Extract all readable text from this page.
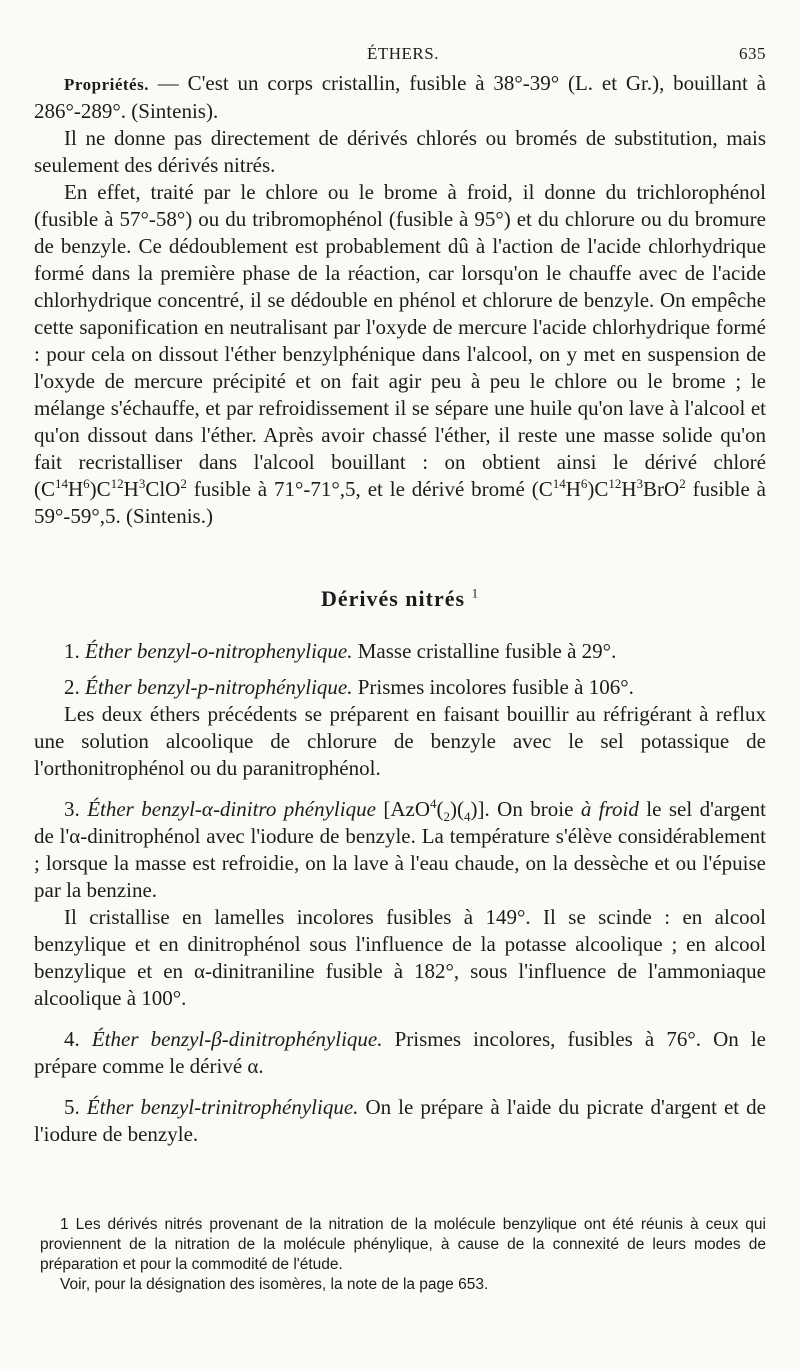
ÉTHERS.	635

Propriétés. — C'est un corps cristallin, fusible à 38°-39° (L. et Gr.), bouillant à 286°-289°. (Sintenis).

Il ne donne pas directement de dérivés chlorés ou bromés de substitution, mais seulement des dérivés nitrés.

En effet, traité par le chlore ou le brome à froid, il donne du trichlorophénol (fusible à 57°-58°) ou du tribromophénol (fusible à 95°) et du chlorure ou du bromure de benzyle. Ce dédoublement est probablement dû à l'action de l'acide chlorhydrique formé dans la première phase de la réaction, car lorsqu'on le chauffe avec de l'acide chlorhydrique concentré, il se dédouble en phénol et chlorure de benzyle. On empêche cette saponification en neutralisant par l'oxyde de mercure l'acide chlorhydrique formé : pour cela on dissout l'éther benzylphénique dans l'alcool, on y met en suspension de l'oxyde de mercure précipité et on fait agir peu à peu le chlore ou le brome ; le mélange s'échauffe, et par refroidissement il se sépare une huile qu'on lave à l'alcool et qu'on dissout dans l'éther. Après avoir chassé l'éther, il reste une masse solide qu'on fait recristalliser dans l'alcool bouillant : on obtient ainsi le dérivé chloré $(C^{14}H^6)C^{12}H^3ClO^2$ fusible à 71°-71°,5, et le dérivé bromé $(C^{14}H^6)C^{12}H^3BrO^2$ fusible à 59°-59°,5. (Sintenis.)

Dérivés nitrés $^1$

1. Éther benzyl-o-nitrophenylique. Masse cristalline fusible à 29°.

2. Éther benzyl-p-nitrophénylique. Prismes incolores fusible à 106°.

Les deux éthers précédents se préparent en faisant bouillir au réfrigérant à reflux une solution alcoolique de chlorure de benzyle avec le sel potassique de l'orthonitrophénol ou du paranitrophénol.

3. Éther benzyl-α-dinitro phénylique $[AzO^4(_2)(_4)]$. On broie à froid le sel d'argent de l'α-dinitrophénol avec l'iodure de benzyle. La température s'élève considérablement ; lorsque la masse est refroidie, on la lave à l'eau chaude, on la dessèche et ou l'épuise par la benzine.

Il cristallise en lamelles incolores fusibles à 149°. Il se scinde : en alcool benzylique et en dinitrophénol sous l'influence de la potasse alcoolique ; en alcool benzylique et en α-dinitraniline fusible à 182°, sous l'influence de l'ammoniaque alcoolique à 100°.

4. Éther benzyl-β-dinitrophénylique. Prismes incolores, fusibles à 76°. On le prépare comme le dérivé α.

5. Éther benzyl-trinitrophénylique. On le prépare à l'aide du picrate d'argent et de l'iodure de benzyle.

1 Les dérivés nitrés provenant de la nitration de la molécule benzylique ont été réunis à ceux qui proviennent de la nitration de la molécule phénylique, à cause de la connexité de leurs modes de préparation et pour la commodité de l'étude.

Voir, pour la désignation des isomères, la note de la page 653.
